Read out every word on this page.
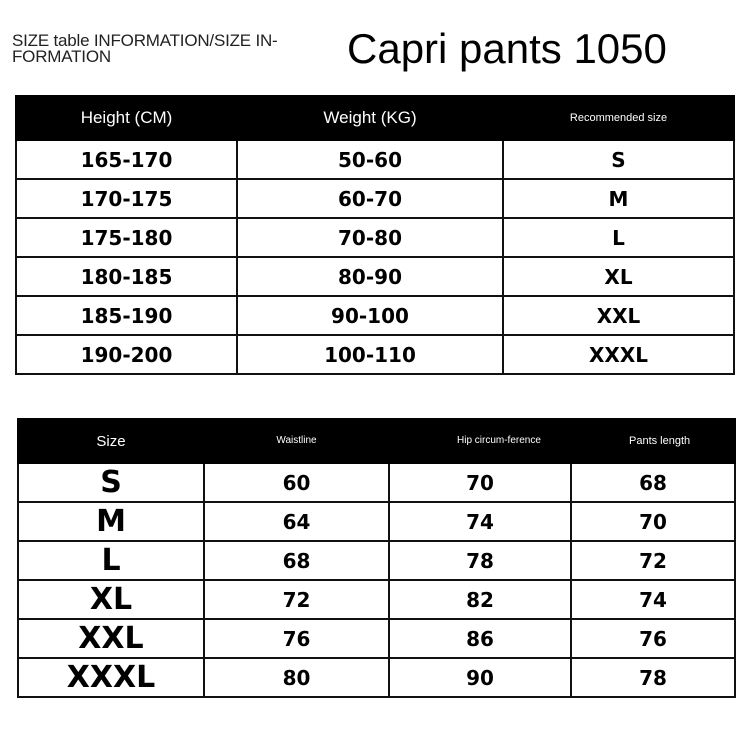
SIZE table INFORMATION/SIZE IN-FORMATION	Capri pants 1050
Height (CM)	Weight (KG)	Recommended size
165-170	50-60	S
170-175	60-70	M
175-180	70-80	L
180-185	80-90	XL
185-190	90-100	XXL
190-200	100-110	XXXL
Size	Waistline	Hip circum-ference	Pants length
S	60	70	68
M	64	74	70
L	68	78	72
XL	72	82	74
XXL	76	86	76
XXXL	80	90	78
